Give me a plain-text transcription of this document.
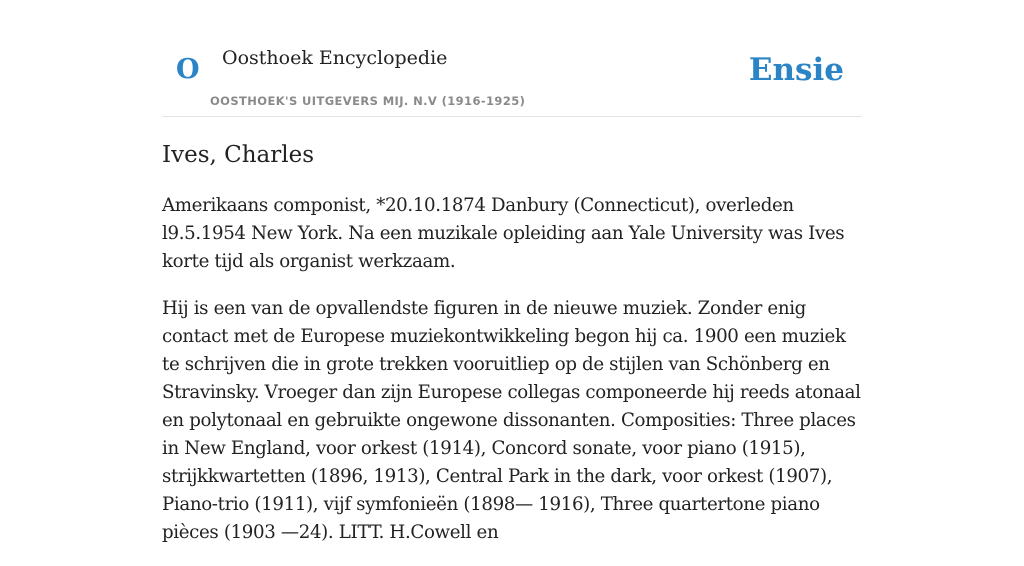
O Oosthoek Encyclopedie
OOSTHOEK'S UITGEVERS MIJ. N.V (1916-1925)
Ensie
Ives, Charles

Amerikaans componist, *20.10.1874 Danbury (Connecticut), overleden l9.5.1954 New York. Na een muzikale opleiding aan Yale University was Ives korte tijd als organist werkzaam.

Hij is een van de opvallendste figuren in de nieuwe muziek. Zonder enig contact met de Europese muziekontwikkeling begon hij ca. 1900 een muziek te schrijven die in grote trekken vooruitliep op de stijlen van Schönberg en Stravinsky. Vroeger dan zijn Europese collegas componeerde hij reeds atonaal en polytonaal en gebruikte ongewone dissonanten. Composities: Three places in New England, voor orkest (1914), Concord sonate, voor piano (1915), strijkkwartetten (1896, 1913), Central Park in the dark, voor orkest (1907), Piano-trio (1911), vijf symfonieën (1898— 1916), Three quartertone piano pièces (1903 —24). LITT. H.Cowell en
